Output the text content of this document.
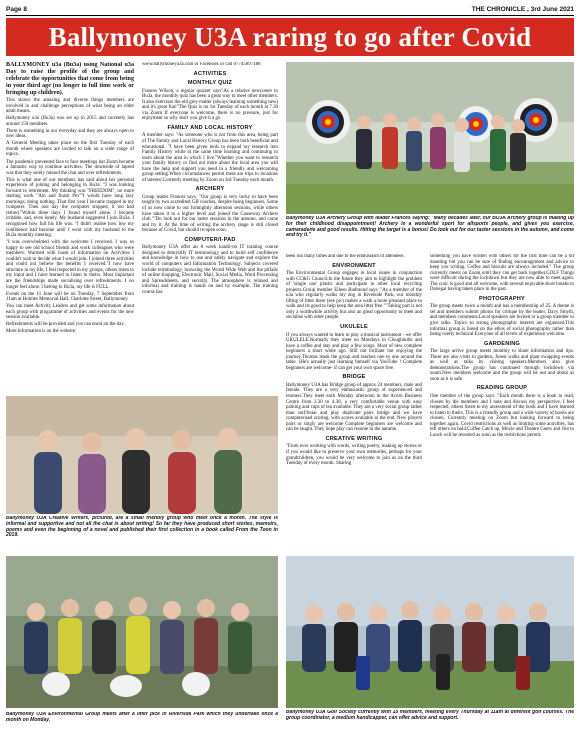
Page 8	THE CHRONICLE , 3rd June 2021
Ballymoney U3A raring to go after Covid

BALLYMONEY u3a (Bu3a) using National u3a Day to raise the profile of the group and celebrate the opportunities that come from being in your third age (no longer in full time work or bringing up children).

This shows the amazing and diverse things members are involved in and challenge perceptions of what being an older adult means.

Ballymoney u3a (Bu3a) was set up in 2015 and currently has around 150 members.

There is something in our everyday and they are always open to new ideas.

A General Meeting takes place on the first Tuesday of each month where speakers are invited to talk on a wide range of topics.

The pandemic prevented face to face meetings but Zoom became a fantastic way to continue activities. The downside of lapsed was that they sorely missed the chat and over refreshments.

This is what one of our members has said about her personal experience of joining and belonging to Bu3a: "I was looking forward to retirement. My thinking was "FREEDOM", no more starting work "Am and finish Pm""I would have long lazy mornings, doing nothing. That first year I became trapped in my computer. Then one day the computer stopped, it too had retired."Within three days I found myself alone. I became irritable, sad, even lonely. My husband suggested I join Bu3a. I recognised how full his life was. "I didn't realise how low my confidence had become until I went with my husband to the Bu3a monthly meeting.

"I was overwhelmed with the welcome I received. I was so happy to see old school friends and work colleagues who were members. Warmed with loads of information on Activities I couldn't wait to decide what I would join. I joined three activities and could not believe the benefits I received."I now have structure in my life, I feel respected in my groups, others listen to my input and I have learned to listen to theirs. Most important are the friendships made socialising over refreshments. I no longer feel alone. I belong to Bu3a, my life is FULL.

Events on the 11 June will be on Tuesday, 7 September from 11am at Holmes Memorial Hall, Charlotte Street, Ballymoney.

You can meet Activity Leaders and get some information about each group with programme of activities and events for the new session available.

Refreshments will be provided and you can enrol on the day.

More information is on the website:

www.ballymoneyu3a.com or Facebook or call 07745897188

ACTIVITIES
MONTHLY QUIZ

Frances Wilson, a regular quizzer says"As a relative newcomer to Bu3a, the monthly quiz has been a great way to meet other members. It also exercises the old grey matter (always learning something new) and it's great fun!"The Quiz is on 1st Tuesday of each month at 7.30 via Zoom If everyone is welcome, there is no pressure, just for enjoyment so why don't you give it a go

FAMILY AND LOCAL HISTORY

A member says: "As someone who is not from this area, being part of The Family and Local History Group has been both beneficial and educational. "I have been given tools to expand my research into Family History while at the same time learning and continuing to learn about the area in which I live."Whether you want to research your family history or find out more about the local area you will have the help and support you need in a friendly and welcoming group setting.When circumstances permit there are trips to locations of interest.Currently meeting by Zoom on 3rd Tuesday each month.

ARCHERY

Group leader Frances says: "Our group is very lucky to have been taught by two accredited GB coaches, despite being beginners. Some of us now come to our fortnightly afternoon sessions, while others have taken it to a higher level and joined the Causeway Archers club.""Do look out for our taster sessions in the autumn, and come and try it. At the time of writing the archery range is still closed because of Covid, but should re-open soon.

COMPUTER/I-PAD

Ballymoney U3A offer an 8 week hands-on IT training course designed to demystify IT terminology and to build self confidence and knowledge in how to use and safely navigate and explore the world of computers and Information Technology. Subjects covered include terminology, browsing the World Wide Web and the pitfalls of online shopping, Electronic Mail, Social Media, Word Processing and Spreadsheets, and security. The atmosphere is relaxed and informal and training is hands on and by example. The training course has

Ballymoney U3A Archery Group with leader Frances saying: "Many decades later, our BU3A Archery group is making up for their childhood disappointment! Archery is a wonderful sport for allsports people, and gives you exercise, camaraderie and good results. Hitting the target is a bonus! Do look out for our taster sessions in the autumn, and come and try it."

been run many times and due to the enthusiasm of attendees

ENVIRONMENT

The Environmental Group engages in local issues in conjunction with CC&G Council.In the future they aim to highlight the problem of 'single use' plastic and participate in other local recycling projects.Group member Eileen Rudmond says: "As a member of the u3a who regularly walks my dog in Riverside Park, our monthly lifting of litter there (see pic) makes a walk a more pleasant place to walk and its good to help keep the area litter free.""Taking part is not only a worthwhile activity but also an great opportunity to meet and socialise with other people.

UKULELE

If you always wanted to learn to play a musical instrument - we offer UKULELE.Normally they meet on Mondays in Cloughmills and have a coffee and stay and play a few songs. Most of new complete beginners a short while ago. Still not brilliant but enjoying the journey.Thomas leads the group and teaches one to one around the table. (He's actually just learning himself via YouTube ! Complete beginners are welcome- if can get your own space free.

BRIDGE

Ballymoney U3A has Bridge group of approx 24 members, male and female. They are a very enthusiastic group of experienced and learners.They meet each Monday afternoon in the Acorn Business Centre from 2.30 to 4.30, a very comfortable venue with easy parking and cups of tea available. They are a very social group rather than surf/braai and play duplicate pairs bridge and we have computerised scoring, with scores available at the end. New players pairs or singly are welcome Complete beginners are welcome and can be taught. They hope play can resume in the autumn.

CREATIVE WRITING

"From ever working with words, writing poetry, making up stories or if you would like to preserve your own memories, perhaps for your grandchildren, you would be very welcome to join us on the third Tuesday of every month. Sharing

something you have written with others for the first time can be a bit daunting but you can be sure of finding encouragement and advice to keep you writing. Coffee and biscuits are always included." The group currently meets on Zoom until they can get back together.GOLF Things were difficult during the lockdown but they are now able to meet again. The craic is good and all welcome, with several enjoyable short breaks to Donegal having taken place in the past.

PHOTOGRAPHY

The group meets twice a month and has a membership of 25. A theme is set and members submit photos for critique by the leader, Davy Smyth, and members comments.Local speakers are invited or a group member to give talks. Topics so strong photographic interest are organised.This informal group is based on the ethos of social photography rather than being overly technical.Everyone of all levels of experience welcome.

GARDENING

The large active group meets monthly to share information and tips. There are also visits to gardens, forest walks and plant swapping events as well as talks by visiting speakers.Members also give demonstrations.The group has continued through lockdown via zoom.New members welcome and the group will be out and about as soon as it is safe.

READING GROUP

One member of the group says: "Each month there is a book to read, chosen by the members and I note and discuss my perspective. I feel respected, others listen to my assessment of the book and I have learned to listen to theirs. This is a friendly group and a wide variety of books are chosen. Currently meeting on Zoom but looking forward to being together again. Covid restrictions as well as limiting some activities, has left others on hold.Coffee Catch up, Movie and Theatre Goers and Out to Lunch will be resumed as soon as the restrictions permit.

Ballymoney U3A Creative Writers, pictured, are a small friendly group who meet once a month. The style is informal and supportive and not all the chat is about writing! So far they have produced short stories, memoirs, poems and even the beginning of a novel and published their first collection in a book called From the Toon in 2019.
Ballymoney U3A Environmental Group meets after a litter pick in Riverside Park which they undertake once a month on Monday.
Ballymoney U3A Golf Society currently with 15 members, meeting every Thursday at 11am at different golf courses. The group coordinator, a medium handicapper, can offer advice and support.
